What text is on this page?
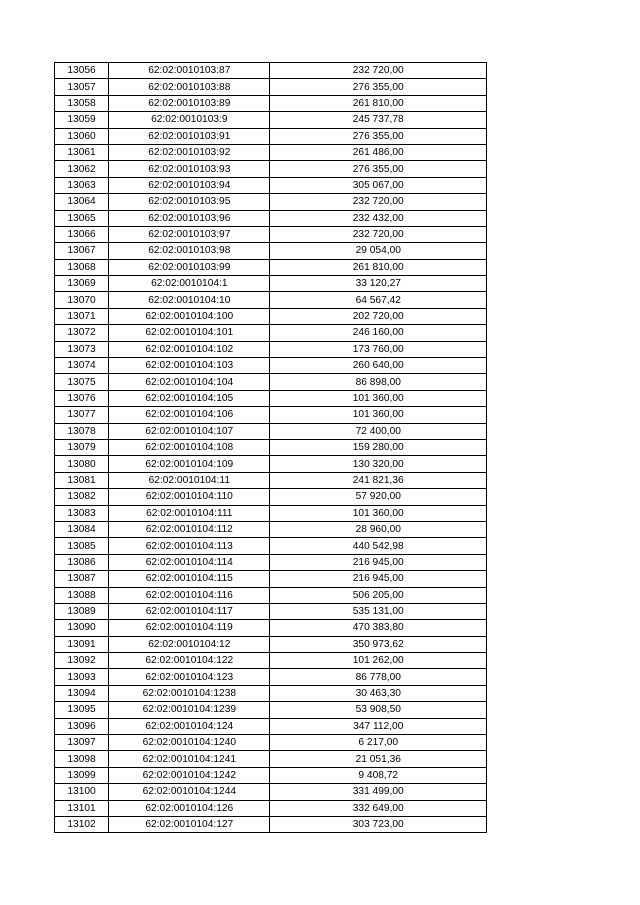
13056	62:02:0010103:87	232 720,00
13057	62:02:0010103:88	276 355,00
13058	62:02:0010103:89	261 810,00
13059	62:02:0010103:9	245 737,78
13060	62:02:0010103:91	276 355,00
13061	62:02:0010103:92	261 486,00
13062	62:02:0010103:93	276 355,00
13063	62:02:0010103:94	305 067,00
13064	62:02:0010103:95	232 720,00
13065	62:02:0010103:96	232 432,00
13066	62:02:0010103:97	232 720,00
13067	62:02:0010103:98	29 054,00
13068	62:02:0010103:99	261 810,00
13069	62:02:0010104:1	33 120,27
13070	62:02:0010104:10	64 567,42
13071	62:02:0010104:100	202 720,00
13072	62:02:0010104:101	246 160,00
13073	62:02:0010104:102	173 760,00
13074	62:02:0010104:103	260 640,00
13075	62:02:0010104:104	86 898,00
13076	62:02:0010104:105	101 360,00
13077	62:02:0010104:106	101 360,00
13078	62:02:0010104:107	72 400,00
13079	62:02:0010104:108	159 280,00
13080	62:02:0010104:109	130 320,00
13081	62:02:0010104:11	241 821,36
13082	62:02:0010104:110	57 920,00
13083	62:02:0010104:111	101 360,00
13084	62:02:0010104:112	28 960,00
13085	62:02:0010104:113	440 542,98
13086	62:02:0010104:114	216 945,00
13087	62:02:0010104:115	216 945,00
13088	62:02:0010104:116	506 205,00
13089	62:02:0010104:117	535 131,00
13090	62:02:0010104:119	470 383,80
13091	62:02:0010104:12	350 973,62
13092	62:02:0010104:122	101 262,00
13093	62:02:0010104:123	86 778,00
13094	62:02:0010104:1238	30 463,30
13095	62:02:0010104:1239	53 908,50
13096	62:02:0010104:124	347 112,00
13097	62:02:0010104:1240	6 217,00
13098	62:02:0010104:1241	21 051,36
13099	62:02:0010104:1242	9 408,72
13100	62:02:0010104:1244	331 499,00
13101	62:02:0010104:126	332 649,00
13102	62:02:0010104:127	303 723,00
